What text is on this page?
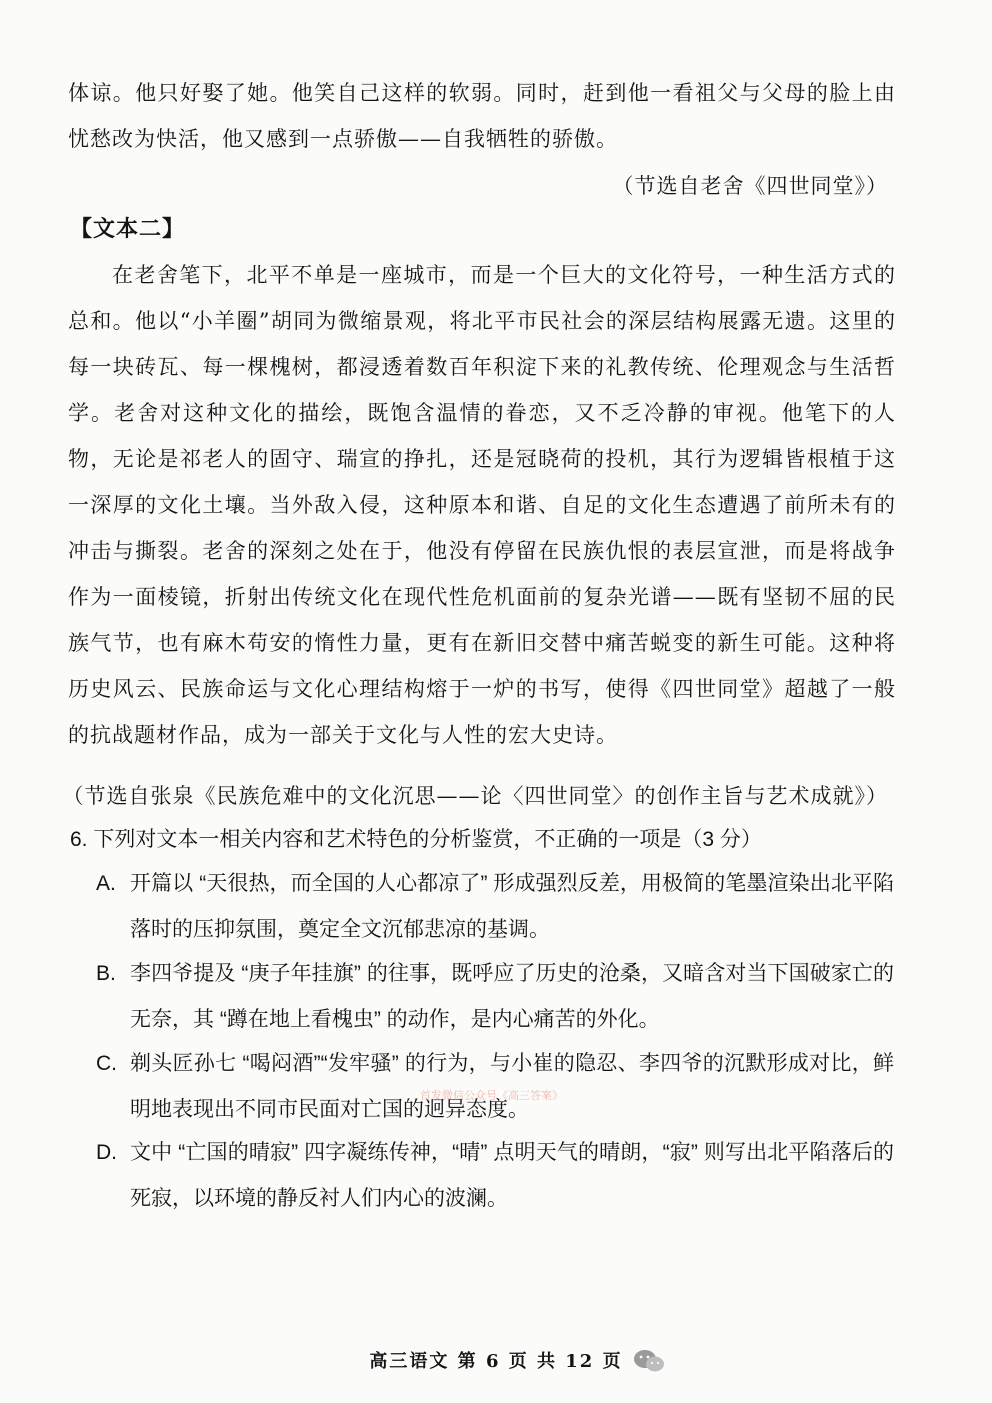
体谅。他只好娶了她。他笑自己这样的软弱。同时，赶到他一看祖父与父母的脸上由忧愁改为快活，他又感到一点骄傲——自我牺牲的骄傲。

（节选自老舍《四世同堂》）
【文本二】

在老舍笔下，北平不单是一座城市，而是一个巨大的文化符号，一种生活方式的总和。他以“小羊圈”胡同为微缩景观，将北平市民社会的深层结构展露无遗。这里的每一块砖瓦、每一棵槐树，都浸透着数百年积淀下来的礼教传统、伦理观念与生活哲学。老舍对这种文化的描绘，既饱含温情的眷恋，又不乏冷静的审视。他笔下的人物，无论是祁老人的固守、瑞宣的挣扎，还是冠晓荷的投机，其行为逻辑皆根植于这一深厚的文化土壤。当外敌入侵，这种原本和谐、自足的文化生态遭遇了前所未有的冲击与撕裂。老舍的深刻之处在于，他没有停留在民族仇恨的表层宣泄，而是将战争作为一面棱镜，折射出传统文化在现代性危机面前的复杂光谱——既有坚韧不屈的民族气节，也有麻木苟安的惰性力量，更有在新旧交替中痛苦蜕变的新生可能。这种将历史风云、民族命运与文化心理结构熔于一炉的书写，使得《四世同堂》超越了一般的抗战题材作品，成为一部关于文化与人性的宏大史诗。

（节选自张泉《民族危难中的文化沉思——论〈四世同堂〉的创作主旨与艺术成就》）
6. 下列对文本一相关内容和艺术特色的分析鉴赏，不正确的一项是（3 分）
A. 开篇以 “天很热，而全国的人心都凉了” 形成强烈反差，用极简的笔墨渲染出北平陷落时的压抑氛围，奠定全文沉郁悲凉的基调。
B. 李四爷提及 “庚子年挂旗” 的往事，既呼应了历史的沧桑，又暗含对当下国破家亡的无奈，其 “蹲在地上看槐虫” 的动作，是内心痛苦的外化。
C. 剃头匠孙七 “喝闷酒”“发牢骚” 的行为，与小崔的隐忍、李四爷的沉默形成对比，鲜明地表现出不同市民面对亡国的迥异态度。
D. 文中 “亡国的晴寂” 四字凝练传神，“晴” 点明天气的晴朗，“寂” 则写出北平陷落后的死寂，以环境的静反衬人们内心的波澜。
首发微信公众号《高三答案》
高三语文 第 6 页 共 12 页
